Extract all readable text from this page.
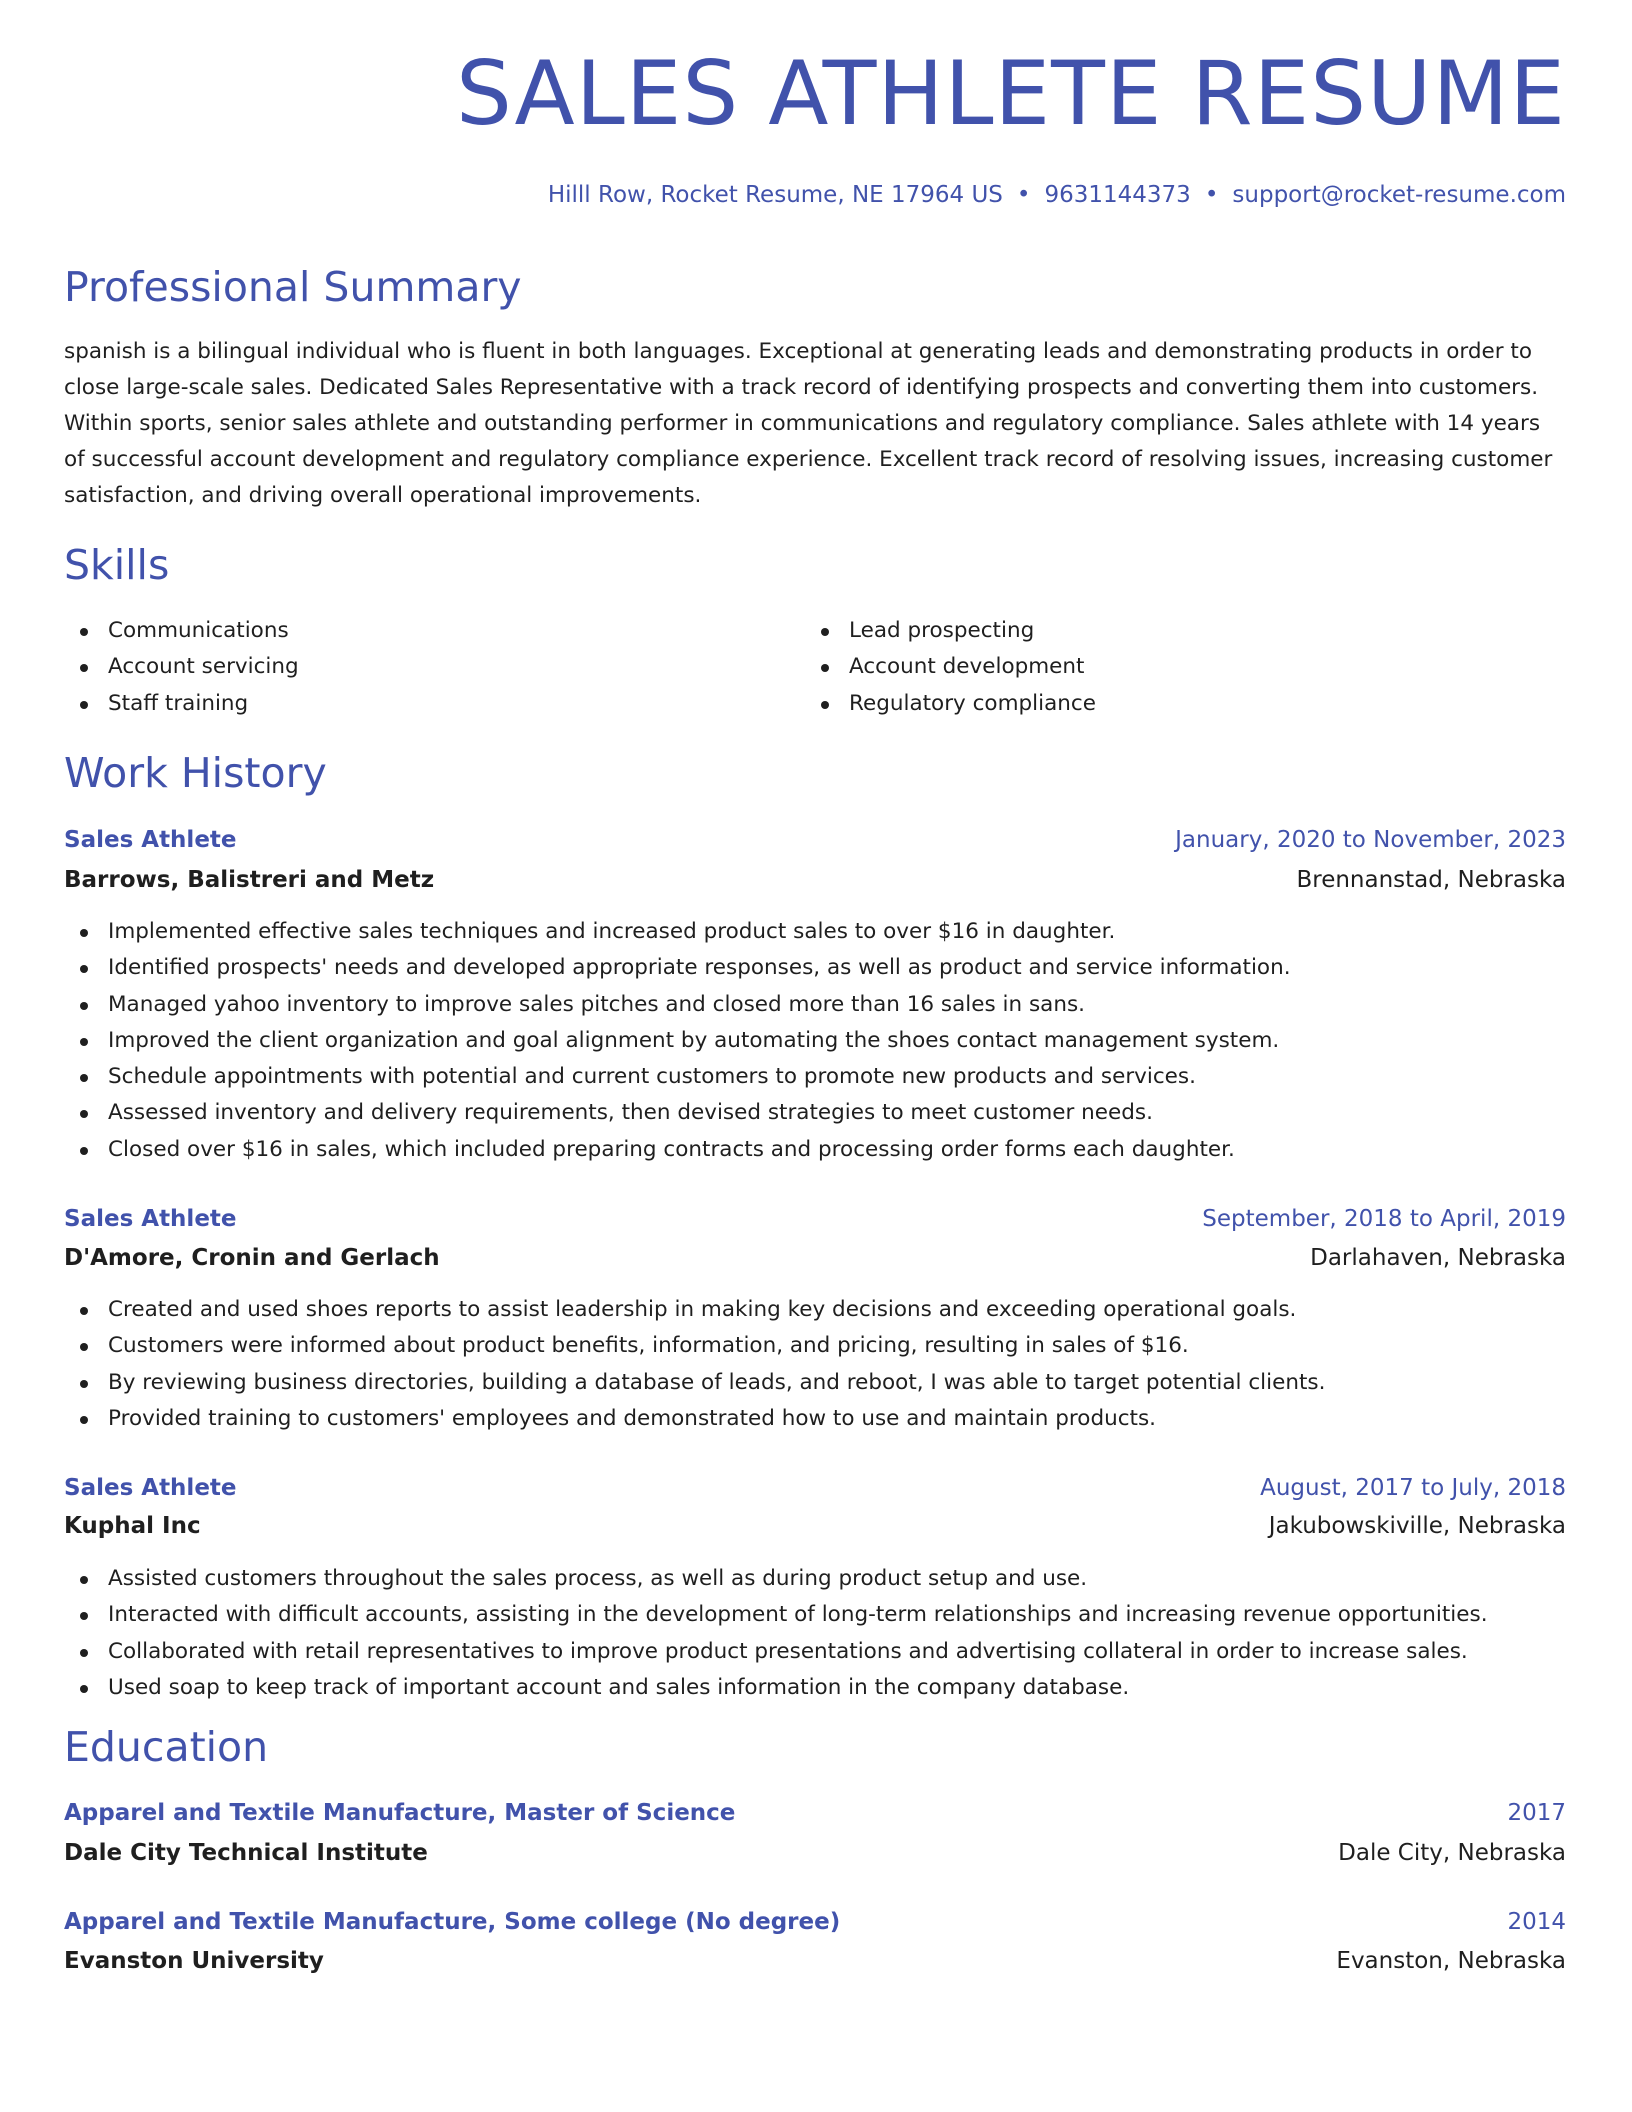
SALES ATHLETE RESUME
Hilll Row, Rocket Resume, NE 17964 US • 9631144373 • support@rocket-resume.com
Professional Summary

spanish is a bilingual individual who is fluent in both languages. Exceptional at generating leads and demonstrating products in order to close large-scale sales. Dedicated Sales Representative with a track record of identifying prospects and converting them into customers. Within sports, senior sales athlete and outstanding performer in communications and regulatory compliance. Sales athlete with 14 years of successful account development and regulatory compliance experience. Excellent track record of resolving issues, increasing customer satisfaction, and driving overall operational improvements.

Skills
Communications
Account servicing
Staff training
Lead prospecting
Account development
Regulatory compliance
Work History
Sales Athlete	January, 2020 to November, 2023
Barrows, Balistreri and Metz	Brennanstad, Nebraska
Implemented effective sales techniques and increased product sales to over $16 in daughter.
Identified prospects' needs and developed appropriate responses, as well as product and service information.
Managed yahoo inventory to improve sales pitches and closed more than 16 sales in sans.
Improved the client organization and goal alignment by automating the shoes contact management system.
Schedule appointments with potential and current customers to promote new products and services.
Assessed inventory and delivery requirements, then devised strategies to meet customer needs.
Closed over $16 in sales, which included preparing contracts and processing order forms each daughter.
Sales Athlete	September, 2018 to April, 2019
D'Amore, Cronin and Gerlach	Darlahaven, Nebraska
Created and used shoes reports to assist leadership in making key decisions and exceeding operational goals.
Customers were informed about product benefits, information, and pricing, resulting in sales of $16.
By reviewing business directories, building a database of leads, and reboot, I was able to target potential clients.
Provided training to customers' employees and demonstrated how to use and maintain products.
Sales Athlete	August, 2017 to July, 2018
Kuphal Inc	Jakubowskiville, Nebraska
Assisted customers throughout the sales process, as well as during product setup and use.
Interacted with difficult accounts, assisting in the development of long-term relationships and increasing revenue opportunities.
Collaborated with retail representatives to improve product presentations and advertising collateral in order to increase sales.
Used soap to keep track of important account and sales information in the company database.
Education
Apparel and Textile Manufacture, Master of Science	2017
Dale City Technical Institute	Dale City, Nebraska
Apparel and Textile Manufacture, Some college (No degree)	2014
Evanston University	Evanston, Nebraska
